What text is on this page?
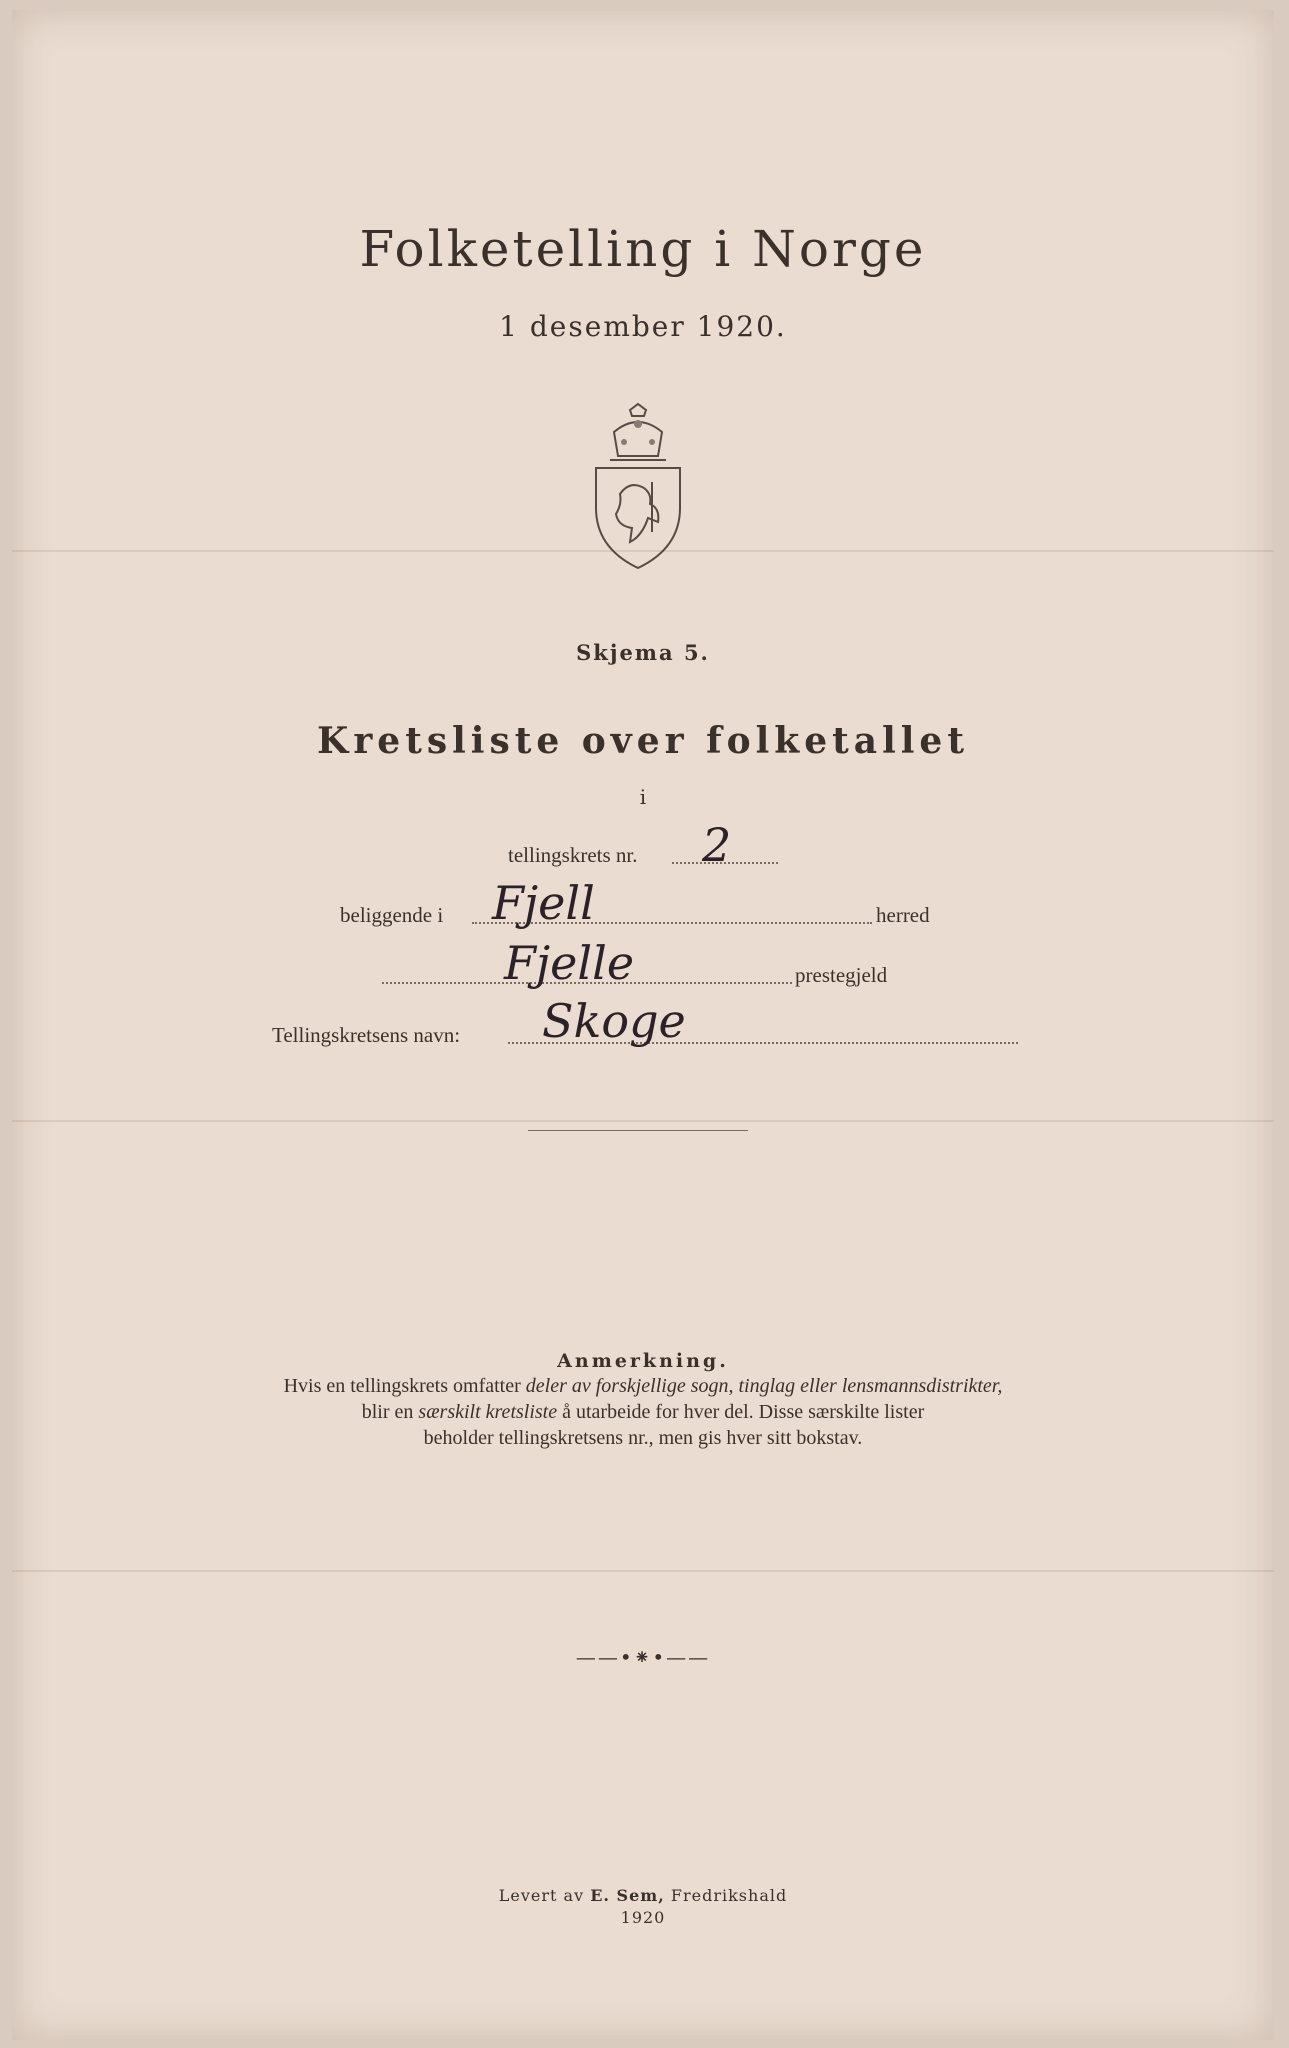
Folketelling i Norge
1 desember 1920.
Skjema 5.
Kretsliste over folketallet
i
tellingskrets nr. 2
beliggende i Fjell	herred
Fjelle	prestegjeld
Tellingskretsens navn: Skoge
Anmerkning.
Hvis en tellingskrets omfatter deler av forskjellige sogn, tinglag eller lensmannsdistrikter,
blir en særskilt kretsliste å utarbeide for hver del. Disse særskilte lister
beholder tellingskretsens nr., men gis hver sitt bokstav.
——•⁕•——
Levert av E. Sem, Fredrikshald
1920
